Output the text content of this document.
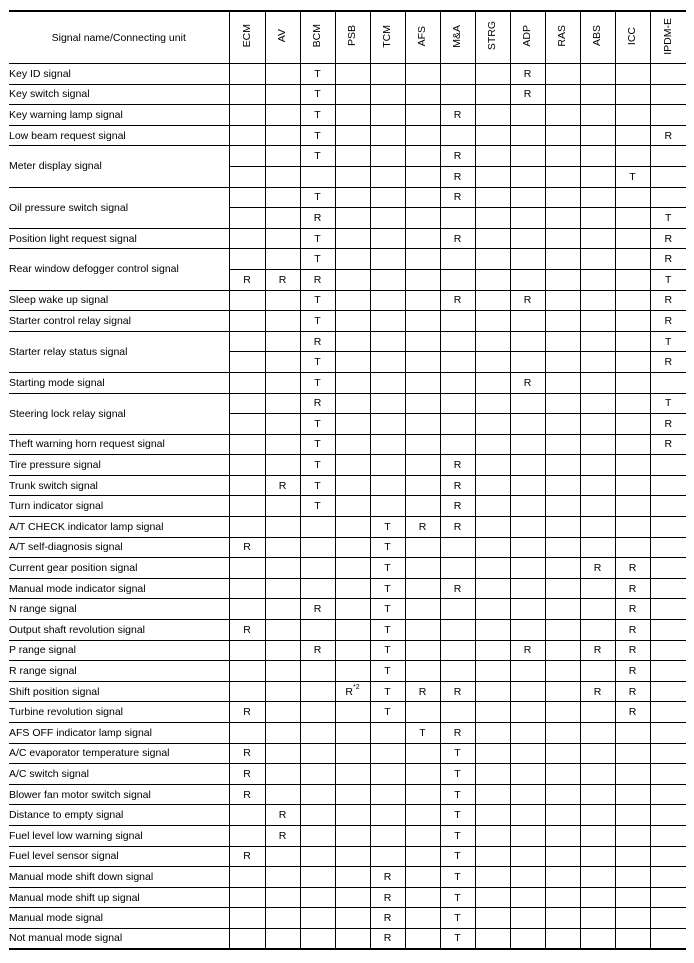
Signal name/Connecting unit	ECM	AV	BCM	PSB	TCM	AFS	M&A	STRG	ADP	RAS	ABS	ICC	IPDM-E
Key ID signal			T						R				
Key switch signal			T						R				
Key warning lamp signal			T				R						
Low beam request signal			T										R
Meter display signal			T				R						
							R					T	
Oil pressure switch signal			T				R						
			R										T
Position light request signal			T				R						R
Rear window defogger control signal			T										R
	R	R	R										T
Sleep wake up signal			T				R		R				R
Starter control relay signal			T										R
Starter relay status signal			R										T
			T										R
Starting mode signal			T						R				
Steering lock relay signal			R										T
			T										R
Theft warning horn request signal			T										R
Tire pressure signal			T				R						
Trunk switch signal		R	T				R						
Turn indicator signal			T				R						
A/T CHECK indicator lamp signal					T	R	R						
A/T self-diagnosis signal	R				T								
Current gear position signal					T						R	R	
Manual mode indicator signal					T		R					R	
N range signal			R		T							R	
Output shaft revolution signal	R				T							R	
P range signal			R		T				R		R	R	
R range signal					T							R	
Shift position signal				$R^{*2}$	T	R	R				R	R	
Turbine revolution signal	R				T							R	
AFS OFF indicator lamp signal						T	R						
A/C evaporator temperature signal	R						T						
A/C switch signal	R						T						
Blower fan motor switch signal	R						T						
Distance to empty signal		R					T						
Fuel level low warning signal		R					T						
Fuel level sensor signal	R						T						
Manual mode shift down signal					R		T						
Manual mode shift up signal					R		T						
Manual mode signal					R		T						
Not manual mode signal					R		T						
